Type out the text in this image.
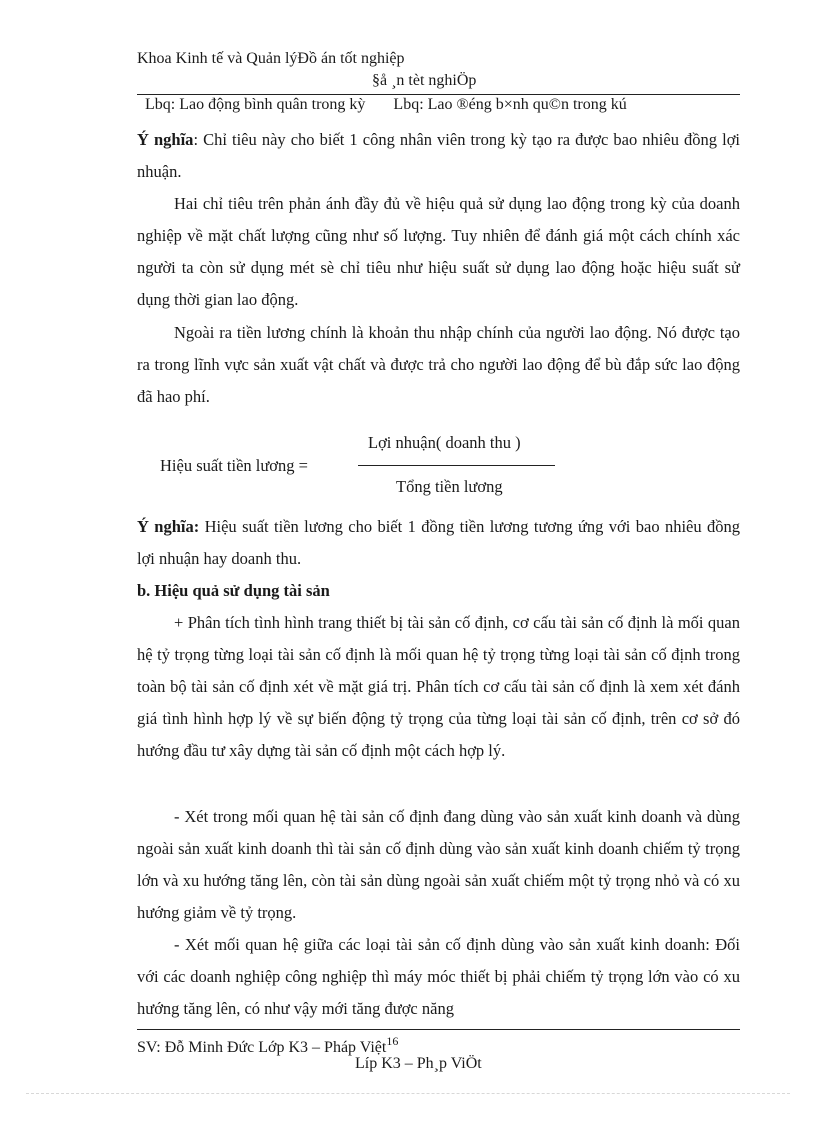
Khoa Kinh tế và Quản lýĐồ án tốt nghiệp
§å ¸n tèt nghiÖp
Lbq: Lao động bình quân trong kỳ Lbq: Lao ®éng b×nh qu©n trong kú
Ý nghĩa: Chỉ tiêu này cho biết 1 công nhân viên trong kỳ tạo ra được bao nhiêu đồng lợi nhuận.
Hai chỉ tiêu trên phản ánh đầy đủ về hiệu quả sử dụng lao động trong kỳ của doanh nghiệp về mặt chất lượng cũng như số lượng. Tuy nhiên để đánh giá một cách chính xác người ta còn sử dụng mét sè chỉ tiêu như hiệu suất sử dụng lao động hoặc hiệu suất sử dụng thời gian lao động.
Ngoài ra tiền lương chính là khoản thu nhập chính của người lao động. Nó được tạo ra trong lĩnh vực sản xuất vật chất và được trả cho người lao động để bù đắp sức lao động đã hao phí.
Hiệu suất tiền lương =
Lợi nhuận( doanh thu )
Tổng tiền lương
Ý nghĩa: Hiệu suất tiền lương cho biết 1 đồng tiền lương tương ứng với bao nhiêu đồng lợi nhuận hay doanh thu.
b. Hiệu quả sử dụng tài sản
+ Phân tích tình hình trang thiết bị tài sản cố định, cơ cấu tài sản cố định là mối quan hệ tỷ trọng từng loại tài sản cố định là mối quan hệ tỷ trọng từng loại tài sản cố định trong toàn bộ tài sản cố định xét về mặt giá trị. Phân tích cơ cấu tài sản cố định là xem xét đánh giá tình hình hợp lý về sự biến động tỷ trọng của từng loại tài sản cố định, trên cơ sở đó hướng đầu tư xây dựng tài sản cố định một cách hợp lý.
- Xét trong mối quan hệ tài sản cố định đang dùng vào sản xuất kinh doanh và dùng ngoài sản xuất kinh doanh thì tài sản cố định dùng vào sản xuất kinh doanh chiếm tỷ trọng lớn và xu hướng tăng lên, còn tài sản dùng ngoài sản xuất chiếm một tỷ trọng nhỏ và có xu hướng giảm về tỷ trọng.
- Xét mối quan hệ giữa các loại tài sản cố định dùng vào sản xuất kinh doanh: Đối với các doanh nghiệp công nghiệp thì máy móc thiết bị phải chiếm tỷ trọng lớn vào có xu hướng tăng lên, có như vậy mới tăng được năng
SV: Đỗ Minh Đức Lớp K3 – Pháp Việt$^{16}$
Líp K3 – Ph¸p ViÖt
